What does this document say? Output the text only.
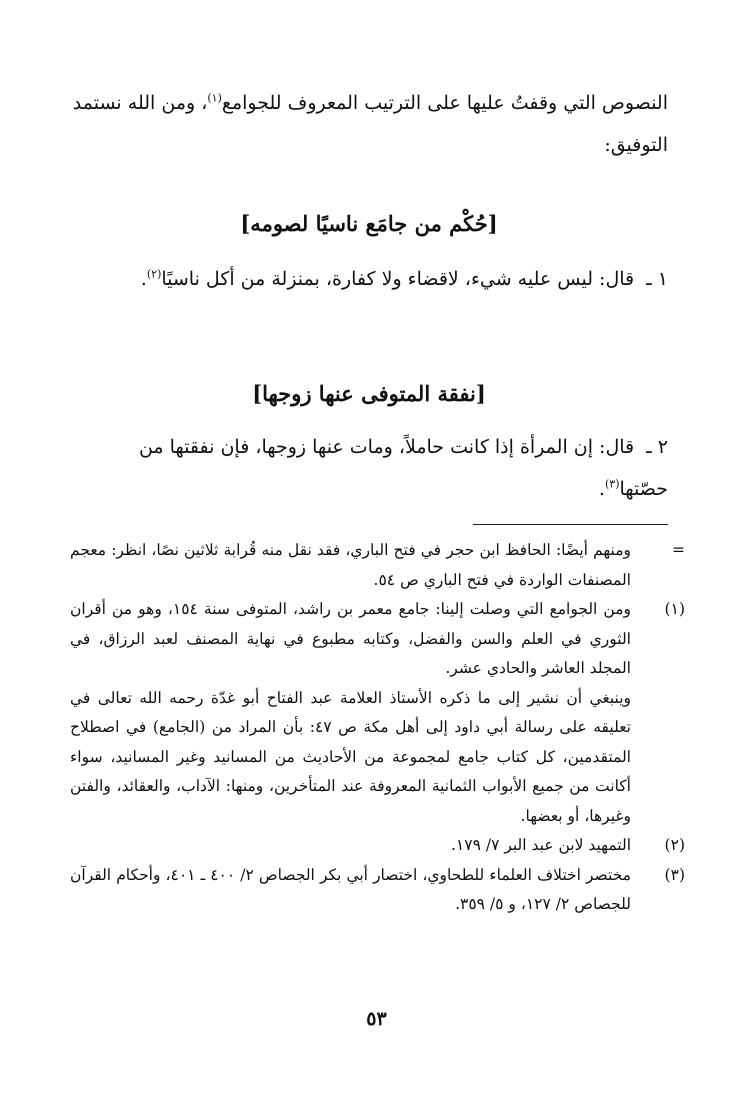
النصوص التي وقفتُ عليها على الترتيب المعروف للجوامع$^{(١)}$، ومن الله نستمد التوفيق:

[حُكْم من جامَع ناسيًا لصومه]

١ ـ قال: ليس عليه شيء، لاقضاء ولا كفارة، بمنزلة من أكل ناسيًا$^{(٢)}$.

[نفقة المتوفى عنها زوجها]

٢ ـ قال: إن المرأة إذا كانت حاملاً، ومات عنها زوجها، فإن نفقتها من حصّتها$^{(٣)}$.

=
ومنهم أيضًا: الحافظ ابن حجر في فتح الباري، فقد نقل منه قُرابة ثلاثين نصًا، انظر: معجم المصنفات الواردة في فتح الباري ص ٥٤.
(١)
ومن الجوامع التي وصلت إلينا: جامع معمر بن راشد، المتوفى سنة ١٥٤، وهو من أقران الثوري في العلم والسن والفضل، وكتابه مطبوع في نهاية المصنف لعبد الرزاق، في المجلد العاشر والحادي عشر.
وينبغي أن نشير إلى ما ذكره الأستاذ العلامة عبد الفتاح أبو غدّة رحمه الله تعالى في تعليقه على رسالة أبي داود إلى أهل مكة ص ٤٧: بأن المراد من (الجامع) في اصطلاح المتقدمين، كل كتاب جامع لمجموعة من الأحاديث من المسانيد وغير المسانيد، سواء أكانت من جميع الأبواب الثمانية المعروفة عند المتأخرين، ومنها: الآداب، والعقائد، والفتن وغيرها، أو بعضها.
(٢)
التمهيد لابن عبد البر ٧/ ١٧٩.
(٣)
مختصر اختلاف العلماء للطحاوي، اختصار أبي بكر الجصاص ٢/ ٤٠٠ ـ ٤٠١، وأحكام القرآن للجصاص ٢/ ١٢٧، و ٥/ ٣٥٩.
٥٣
